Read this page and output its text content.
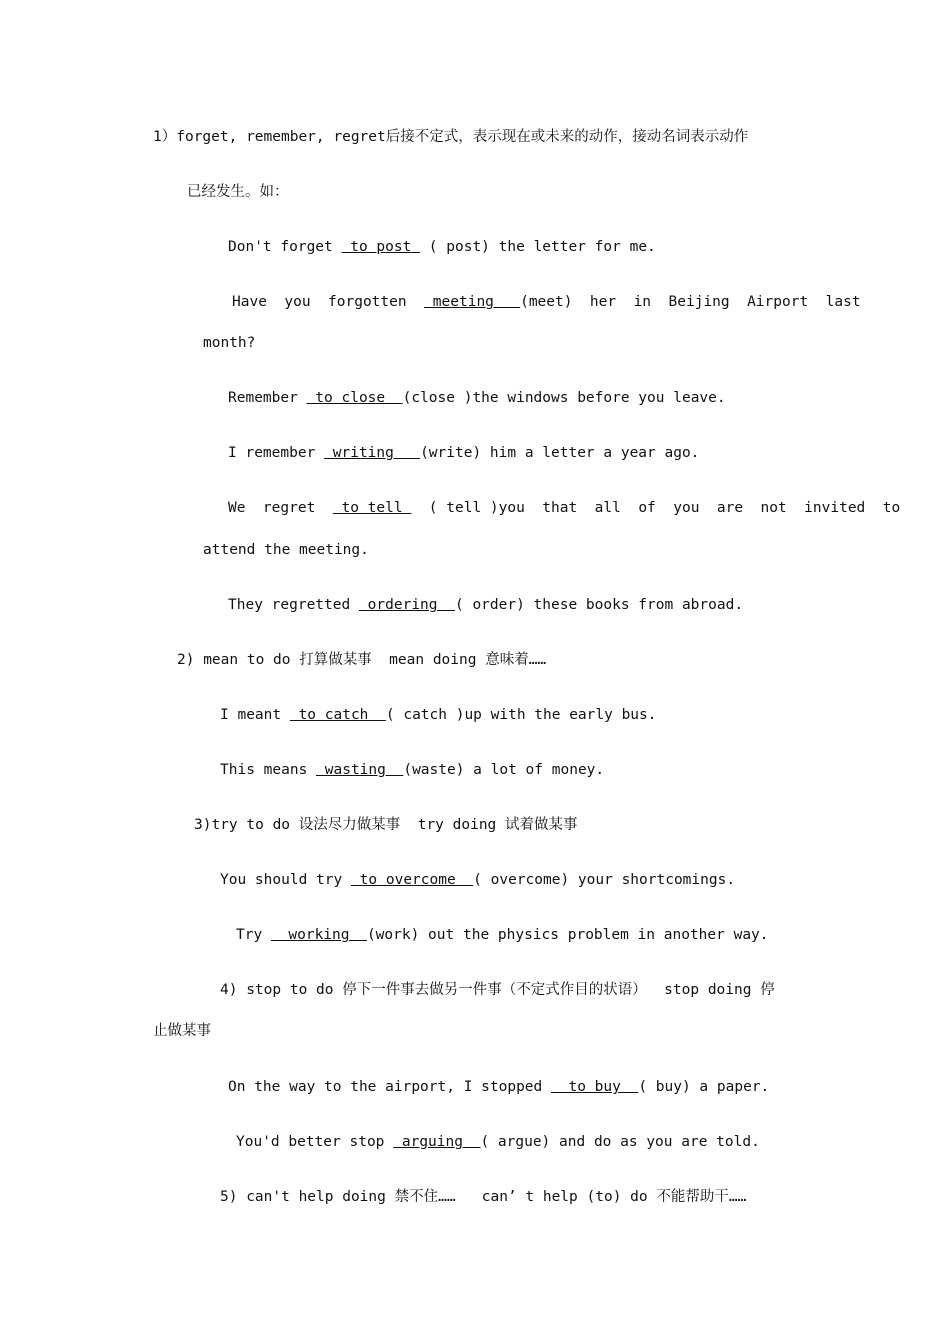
1）forget, remember, regret后接不定式，表示现在或未来的动作，接动名词表示动作
已经发生。如：
Don't forget  to post  ( post) the letter for me.
Have  you  forgotten   meeting   (meet)  her  in  Beijing  Airport  last
month?
Remember  to close  (close )the windows before you leave.
I remember  writing   (write) him a letter a year ago.
We  regret   to tell   ( tell )you  that  all  of  you  are  not  invited  to
attend the meeting.
They regretted  ordering  ( order) these books from abroad.
2) mean to do 打算做某事  mean doing 意味着……
I meant  to catch  ( catch )up with the early bus.
This means  wasting  (waste) a lot of money.
3)try to do 设法尽力做某事  try doing 试着做某事
You should try  to overcome  ( overcome) your shortcomings.
Try   working  (work) out the physics problem in another way.
4) stop to do 停下一件事去做另一件事（不定式作目的状语）  stop doing 停
止做某事
On the way to the airport, I stopped   to buy  ( buy) a paper.
You'd better stop  arguing  ( argue) and do as you are told.
5) can't help doing 禁不住……   can’ t help (to) do 不能帮助干……
